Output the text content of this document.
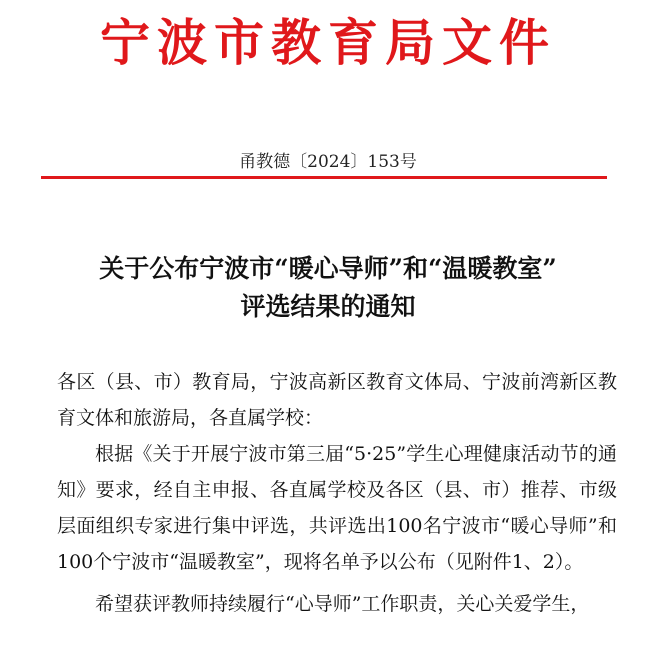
宁波市教育局文件
甬教德〔2024〕153号
关于公布宁波市“暖心导师”和“温暖教室”
评选结果的通知

各区（县、市）教育局，宁波高新区教育文体局、宁波前湾新区教育文体和旅游局，各直属学校：

根据《关于开展宁波市第三届“5·25”学生心理健康活动节的通知》要求，经自主申报、各直属学校及各区（县、市）推荐、市级层面组织专家进行集中评选，共评选出100名宁波市“暖心导师”和100个宁波市“温暖教室”，现将名单予以公布（见附件1、2）。

希望获评教师持续履行“心导师”工作职责，关心关爱学生，
